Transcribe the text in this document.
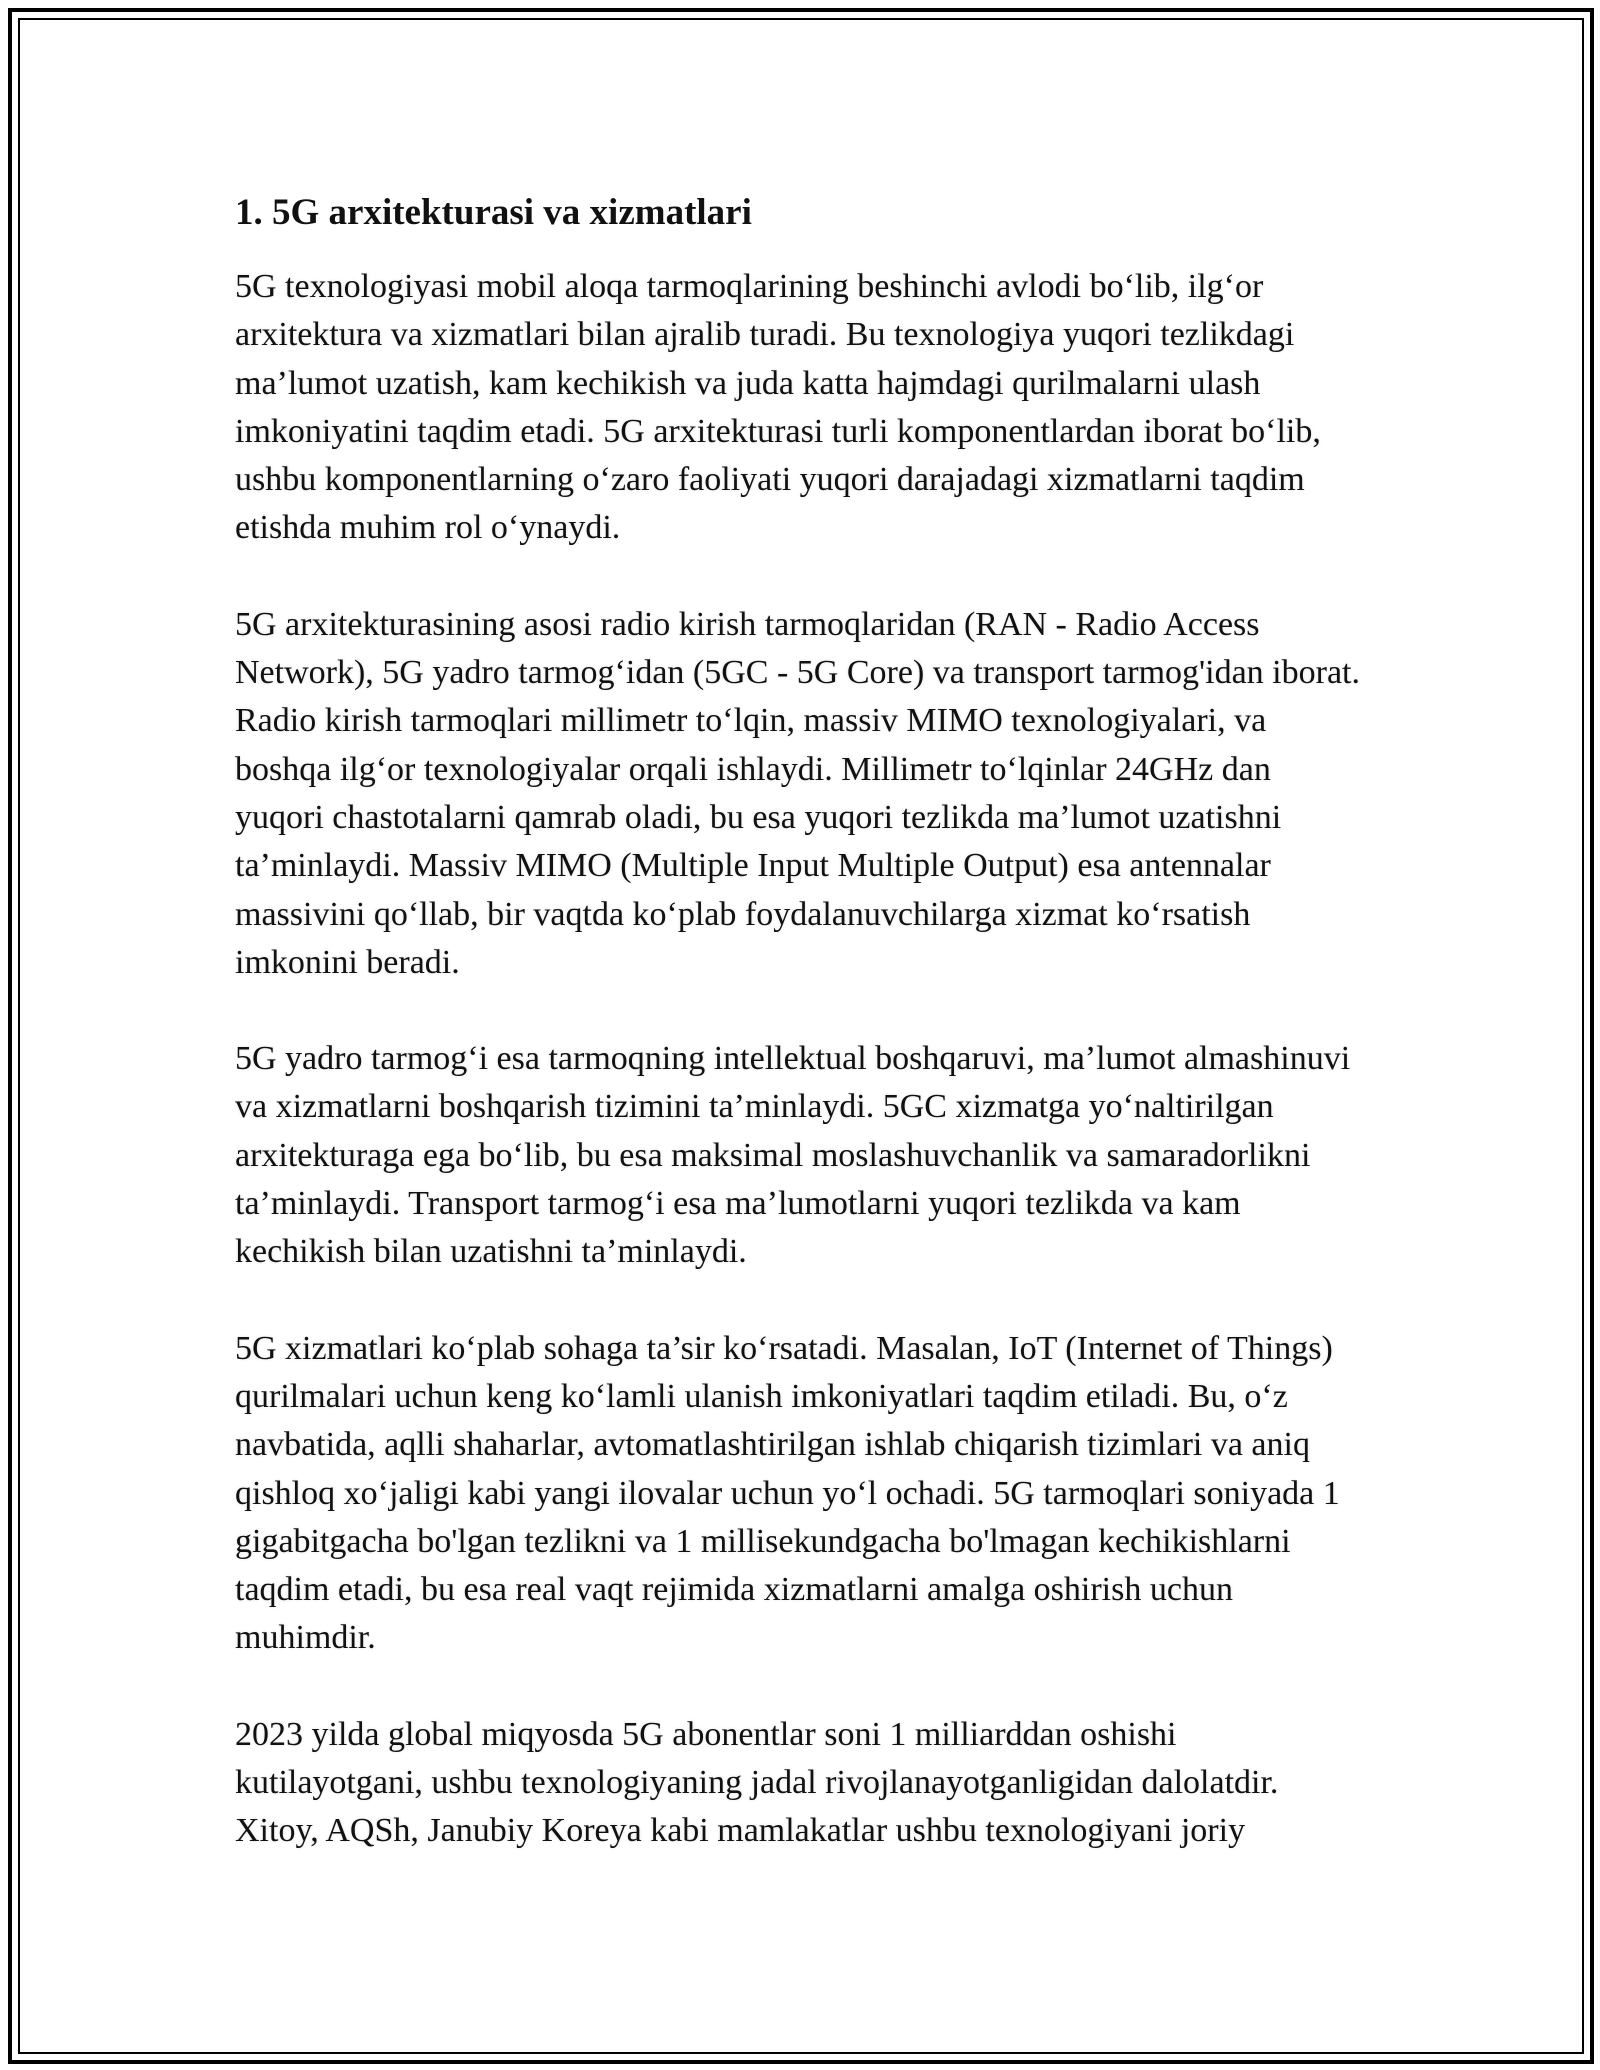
1. 5G arxitekturasi va xizmatlari

5G texnologiyasi mobil aloqa tarmoqlarining beshinchi avlodi bo‘lib, ilg‘or arxitektura va xizmatlari bilan ajralib turadi. Bu texnologiya yuqori tezlikdagi ma’lumot uzatish, kam kechikish va juda katta hajmdagi qurilmalarni ulash imkoniyatini taqdim etadi. 5G arxitekturasi turli komponentlardan iborat bo‘lib, ushbu komponentlarning o‘zaro faoliyati yuqori darajadagi xizmatlarni taqdim etishda muhim rol o‘ynaydi.

5G arxitekturasining asosi radio kirish tarmoqlaridan (RAN - Radio Access Network), 5G yadro tarmog‘idan (5GC - 5G Core) va transport tarmog'idan iborat. Radio kirish tarmoqlari millimetr to‘lqin, massiv MIMO texnologiyalari, va boshqa ilg‘or texnologiyalar orqali ishlaydi. Millimetr to‘lqinlar 24GHz dan yuqori chastotalarni qamrab oladi, bu esa yuqori tezlikda ma’lumot uzatishni ta’minlaydi. Massiv MIMO (Multiple Input Multiple Output) esa antennalar massivini qo‘llab, bir vaqtda ko‘plab foydalanuvchilarga xizmat ko‘rsatish imkonini beradi.

5G yadro tarmog‘i esa tarmoqning intellektual boshqaruvi, ma’lumot almashinuvi va xizmatlarni boshqarish tizimini ta’minlaydi. 5GC xizmatga yo‘naltirilgan arxitekturaga ega bo‘lib, bu esa maksimal moslashuvchanlik va samaradorlikni ta’minlaydi. Transport tarmog‘i esa ma’lumotlarni yuqori tezlikda va kam kechikish bilan uzatishni ta’minlaydi.

5G xizmatlari ko‘plab sohaga ta’sir ko‘rsatadi. Masalan, IoT (Internet of Things) qurilmalari uchun keng ko‘lamli ulanish imkoniyatlari taqdim etiladi. Bu, o‘z navbatida, aqlli shaharlar, avtomatlashtirilgan ishlab chiqarish tizimlari va aniq qishloq xo‘jaligi kabi yangi ilovalar uchun yo‘l ochadi. 5G tarmoqlari soniyada 1 gigabitgacha bo'lgan tezlikni va 1 millisekundgacha bo'lmagan kechikishlarni taqdim etadi, bu esa real vaqt rejimida xizmatlarni amalga oshirish uchun muhimdir.

2023 yilda global miqyosda 5G abonentlar soni 1 milliarddan oshishi kutilayotgani, ushbu texnologiyaning jadal rivojlanayotganligidan dalolatdir. Xitoy, AQSh, Janubiy Koreya kabi mamlakatlar ushbu texnologiyani joriy
